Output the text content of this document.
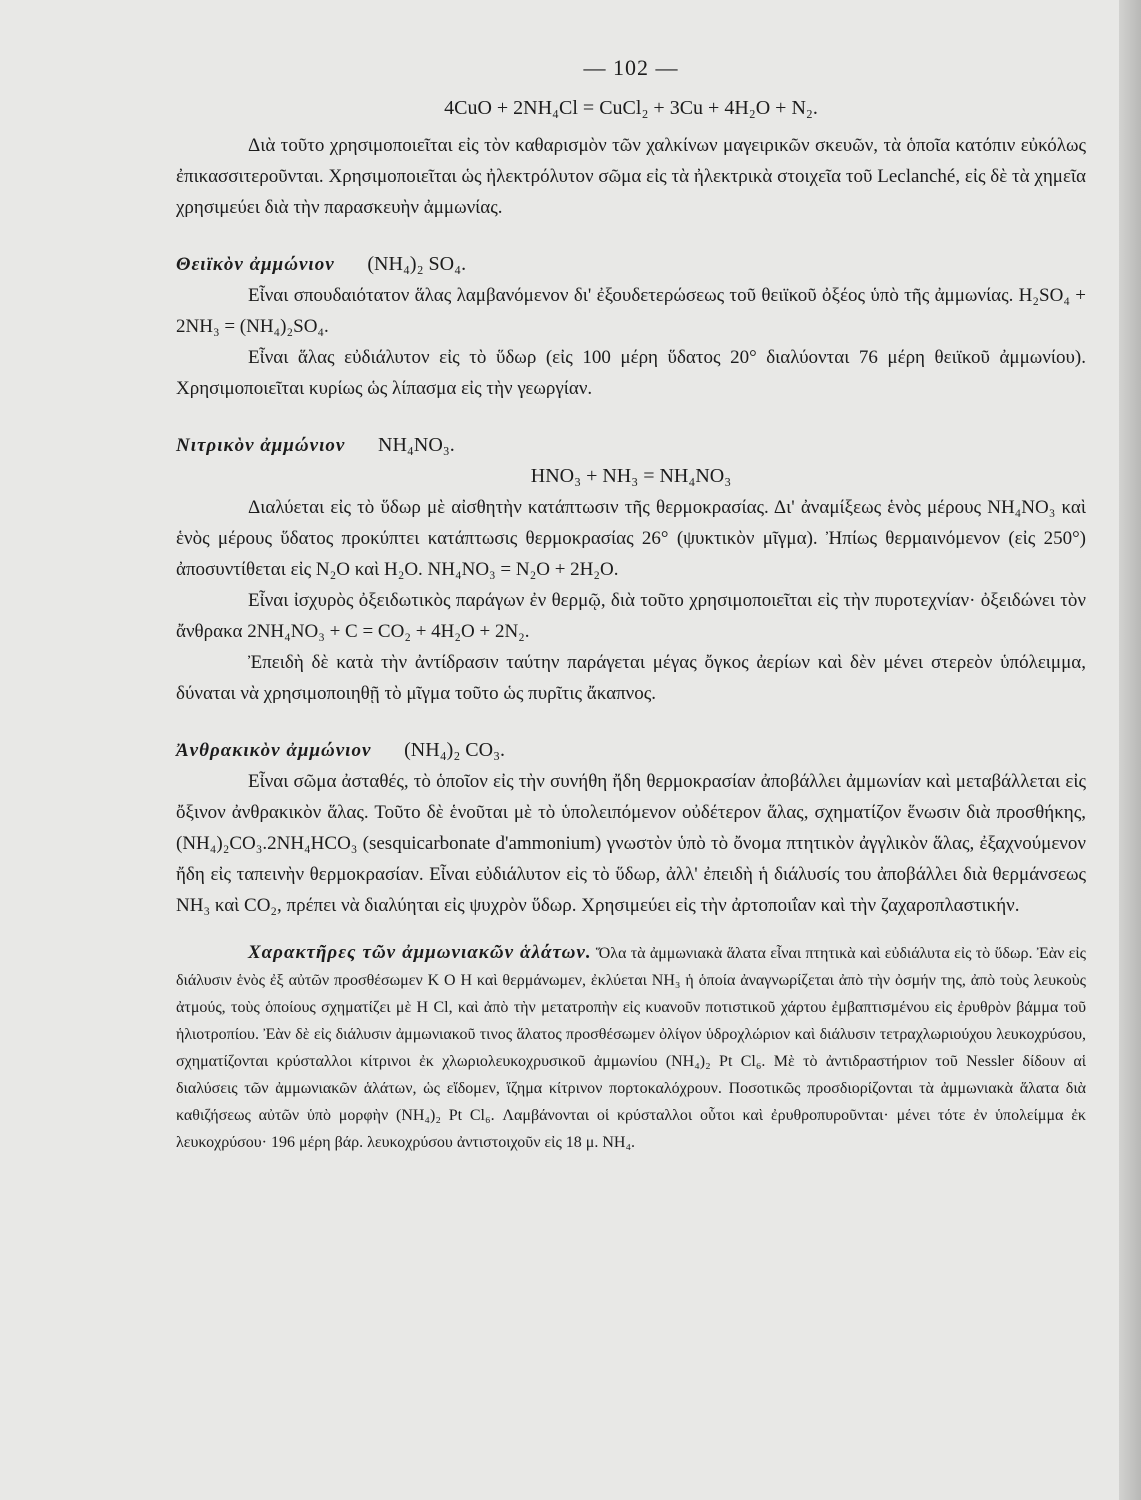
— 102 —

4CuO + 2NH₄Cl = CuCl₂ + 3Cu + 4H₂O + N₂.

Διὰ τοῦτο χρησιμοποιεῖται εἰς τὸν καθαρισμὸν τῶν χαλκίνων μαγειρικῶν σκευῶν, τὰ ὁποῖα κατόπιν εὐκόλως ἐπικασσιτεροῦνται. Χρησιμοποιεῖται ὡς ἠλεκτρόλυτον σῶμα εἰς τὰ ἠλεκτρικὰ στοιχεῖα τοῦ Leclanché, εἰς δὲ τὰ χημεῖα χρησιμεύει διὰ τὴν παρασκευὴν ἀμμωνίας.

Θειϊκὸν ἀμμώνιον (NH₄)₂ SO₄.

Εἶναι σπουδαιότατον ἅλας λαμβανόμενον δι' ἐξουδετερώσεως τοῦ θειϊκοῦ ὀξέος ὑπὸ τῆς ἀμμωνίας. H₂SO₄ + 2NH₃ = (NH₄)₂SO₄.

Εἶναι ἅλας εὐδιάλυτον εἰς τὸ ὕδωρ (εἰς 100 μέρη ὕδατος 20° διαλύονται 76 μέρη θειϊκοῦ ἀμμωνίου). Χρησιμοποιεῖται κυρίως ὡς λίπασμα εἰς τὴν γεωργίαν.

Νιτρικὸν ἀμμώνιον NH₄NO₃.

HNO₃ + NH₃ = NH₄NO₃

Διαλύεται εἰς τὸ ὕδωρ μὲ αἰσθητὴν κατάπτωσιν τῆς θερμοκρασίας. Δι' ἀναμίξεως ἑνὸς μέρους NH₄NO₃ καὶ ἑνὸς μέρους ὕδατος προκύπτει κατάπτωσις θερμοκρασίας 26° (ψυκτικὸν μῖγμα). Ἠπίως θερμαινόμενον (εἰς 250°) ἀποσυντίθεται εἰς N₂O καὶ H₂O. NH₄NO₃ = N₂O + 2H₂O.

Εἶναι ἰσχυρὸς ὀξειδωτικὸς παράγων ἐν θερμῷ, διὰ τοῦτο χρησιμοποιεῖται εἰς τὴν πυροτεχνίαν· ὀξειδώνει τὸν ἄνθρακα 2NH₄NO₃ + C = CO₂ + 4H₂O + 2N₂.

Ἐπειδὴ δὲ κατὰ τὴν ἀντίδρασιν ταύτην παράγεται μέγας ὄγκος ἀερίων καὶ δὲν μένει στερεὸν ὑπόλειμμα, δύναται νὰ χρησιμοποιηθῇ τὸ μῖγμα τοῦτο ὡς πυρῖτις ἄκαπνος.

Ἀνθρακικὸν ἀμμώνιον (NH₄)₂ CO₃.

Εἶναι σῶμα ἀσταθές, τὸ ὁποῖον εἰς τὴν συνήθη ἤδη θερμοκρασίαν ἀποβάλλει ἀμμωνίαν καὶ μεταβάλλεται εἰς ὄξινον ἀνθρακικὸν ἅλας. Τοῦτο δὲ ἑνοῦται μὲ τὸ ὑπολειπόμενον οὐδέτερον ἅλας, σχηματίζον ἕνωσιν διὰ προσθήκης, (NH₄)₂CO₃.2NH₄HCO₃ (sesquicarbonate d'ammonium) γνωστὸν ὑπὸ τὸ ὄνομα πτητικὸν ἀγγλικὸν ἅλας, ἐξαχνούμενον ἤδη εἰς ταπεινὴν θερμοκρασίαν. Εἶναι εὐδιάλυτον εἰς τὸ ὕδωρ, ἀλλ' ἐπειδὴ ἡ διάλυσίς του ἀποβάλλει διὰ θερμάνσεως NH₃ καὶ CO₂, πρέπει νὰ διαλύηται εἰς ψυχρὸν ὕδωρ. Χρησιμεύει εἰς τὴν ἀρτοποιΐαν καὶ τὴν ζαχαροπλαστικήν.

Χαρακτῆρες τῶν ἀμμωνιακῶν ἁλάτων. Ὅλα τὰ ἀμμωνιακὰ ἅλατα εἶναι πτητικὰ καὶ εὐδιάλυτα εἰς τὸ ὕδωρ. Ἐὰν εἰς διάλυσιν ἑνὸς ἐξ αὐτῶν προσθέσωμεν K O H καὶ θερμάνωμεν, ἐκλύεται NH₃ ἡ ὁποία ἀναγνωρίζεται ἀπὸ τὴν ὀσμήν της, ἀπὸ τοὺς λευκοὺς ἀτμούς, τοὺς ὁποίους σχηματίζει μὲ H Cl, καὶ ἀπὸ τὴν μετατροπὴν εἰς κυανοῦν ποτιστικοῦ χάρτου ἐμβαπτισμένου εἰς ἐρυθρὸν βάμμα τοῦ ἡλιοτροπίου. Ἐὰν δὲ εἰς διάλυσιν ἀμμωνιακοῦ τινος ἅλατος προσθέσωμεν ὀλίγον ὑδροχλώριον καὶ διάλυσιν τετραχλωριούχου λευκοχρύσου, σχηματίζονται κρύσταλλοι κίτρινοι ἐκ χλωριολευκοχρυσικοῦ ἀμμωνίου (NH₄)₂ Pt Cl₆. Μὲ τὸ ἀντιδραστήριον τοῦ Nessler δίδουν αἱ διαλύσεις τῶν ἀμμωνιακῶν ἁλάτων, ὡς εἴδομεν, ἵζημα κίτρινον πορτοκαλόχρουν. Ποσοτικῶς προσδιορίζονται τὰ ἀμμωνιακὰ ἅλατα διὰ καθιζήσεως αὐτῶν ὑπὸ μορφὴν (NH₄)₂ Pt Cl₆. Λαμβάνονται οἱ κρύσταλλοι οὗτοι καὶ ἐρυθροπυροῦνται· μένει τότε ἐν ὑπολείμμα ἐκ λευκοχρύσου· 196 μέρη βάρ. λευκοχρύσου ἀντιστοιχοῦν εἰς 18 μ. NH₄.
